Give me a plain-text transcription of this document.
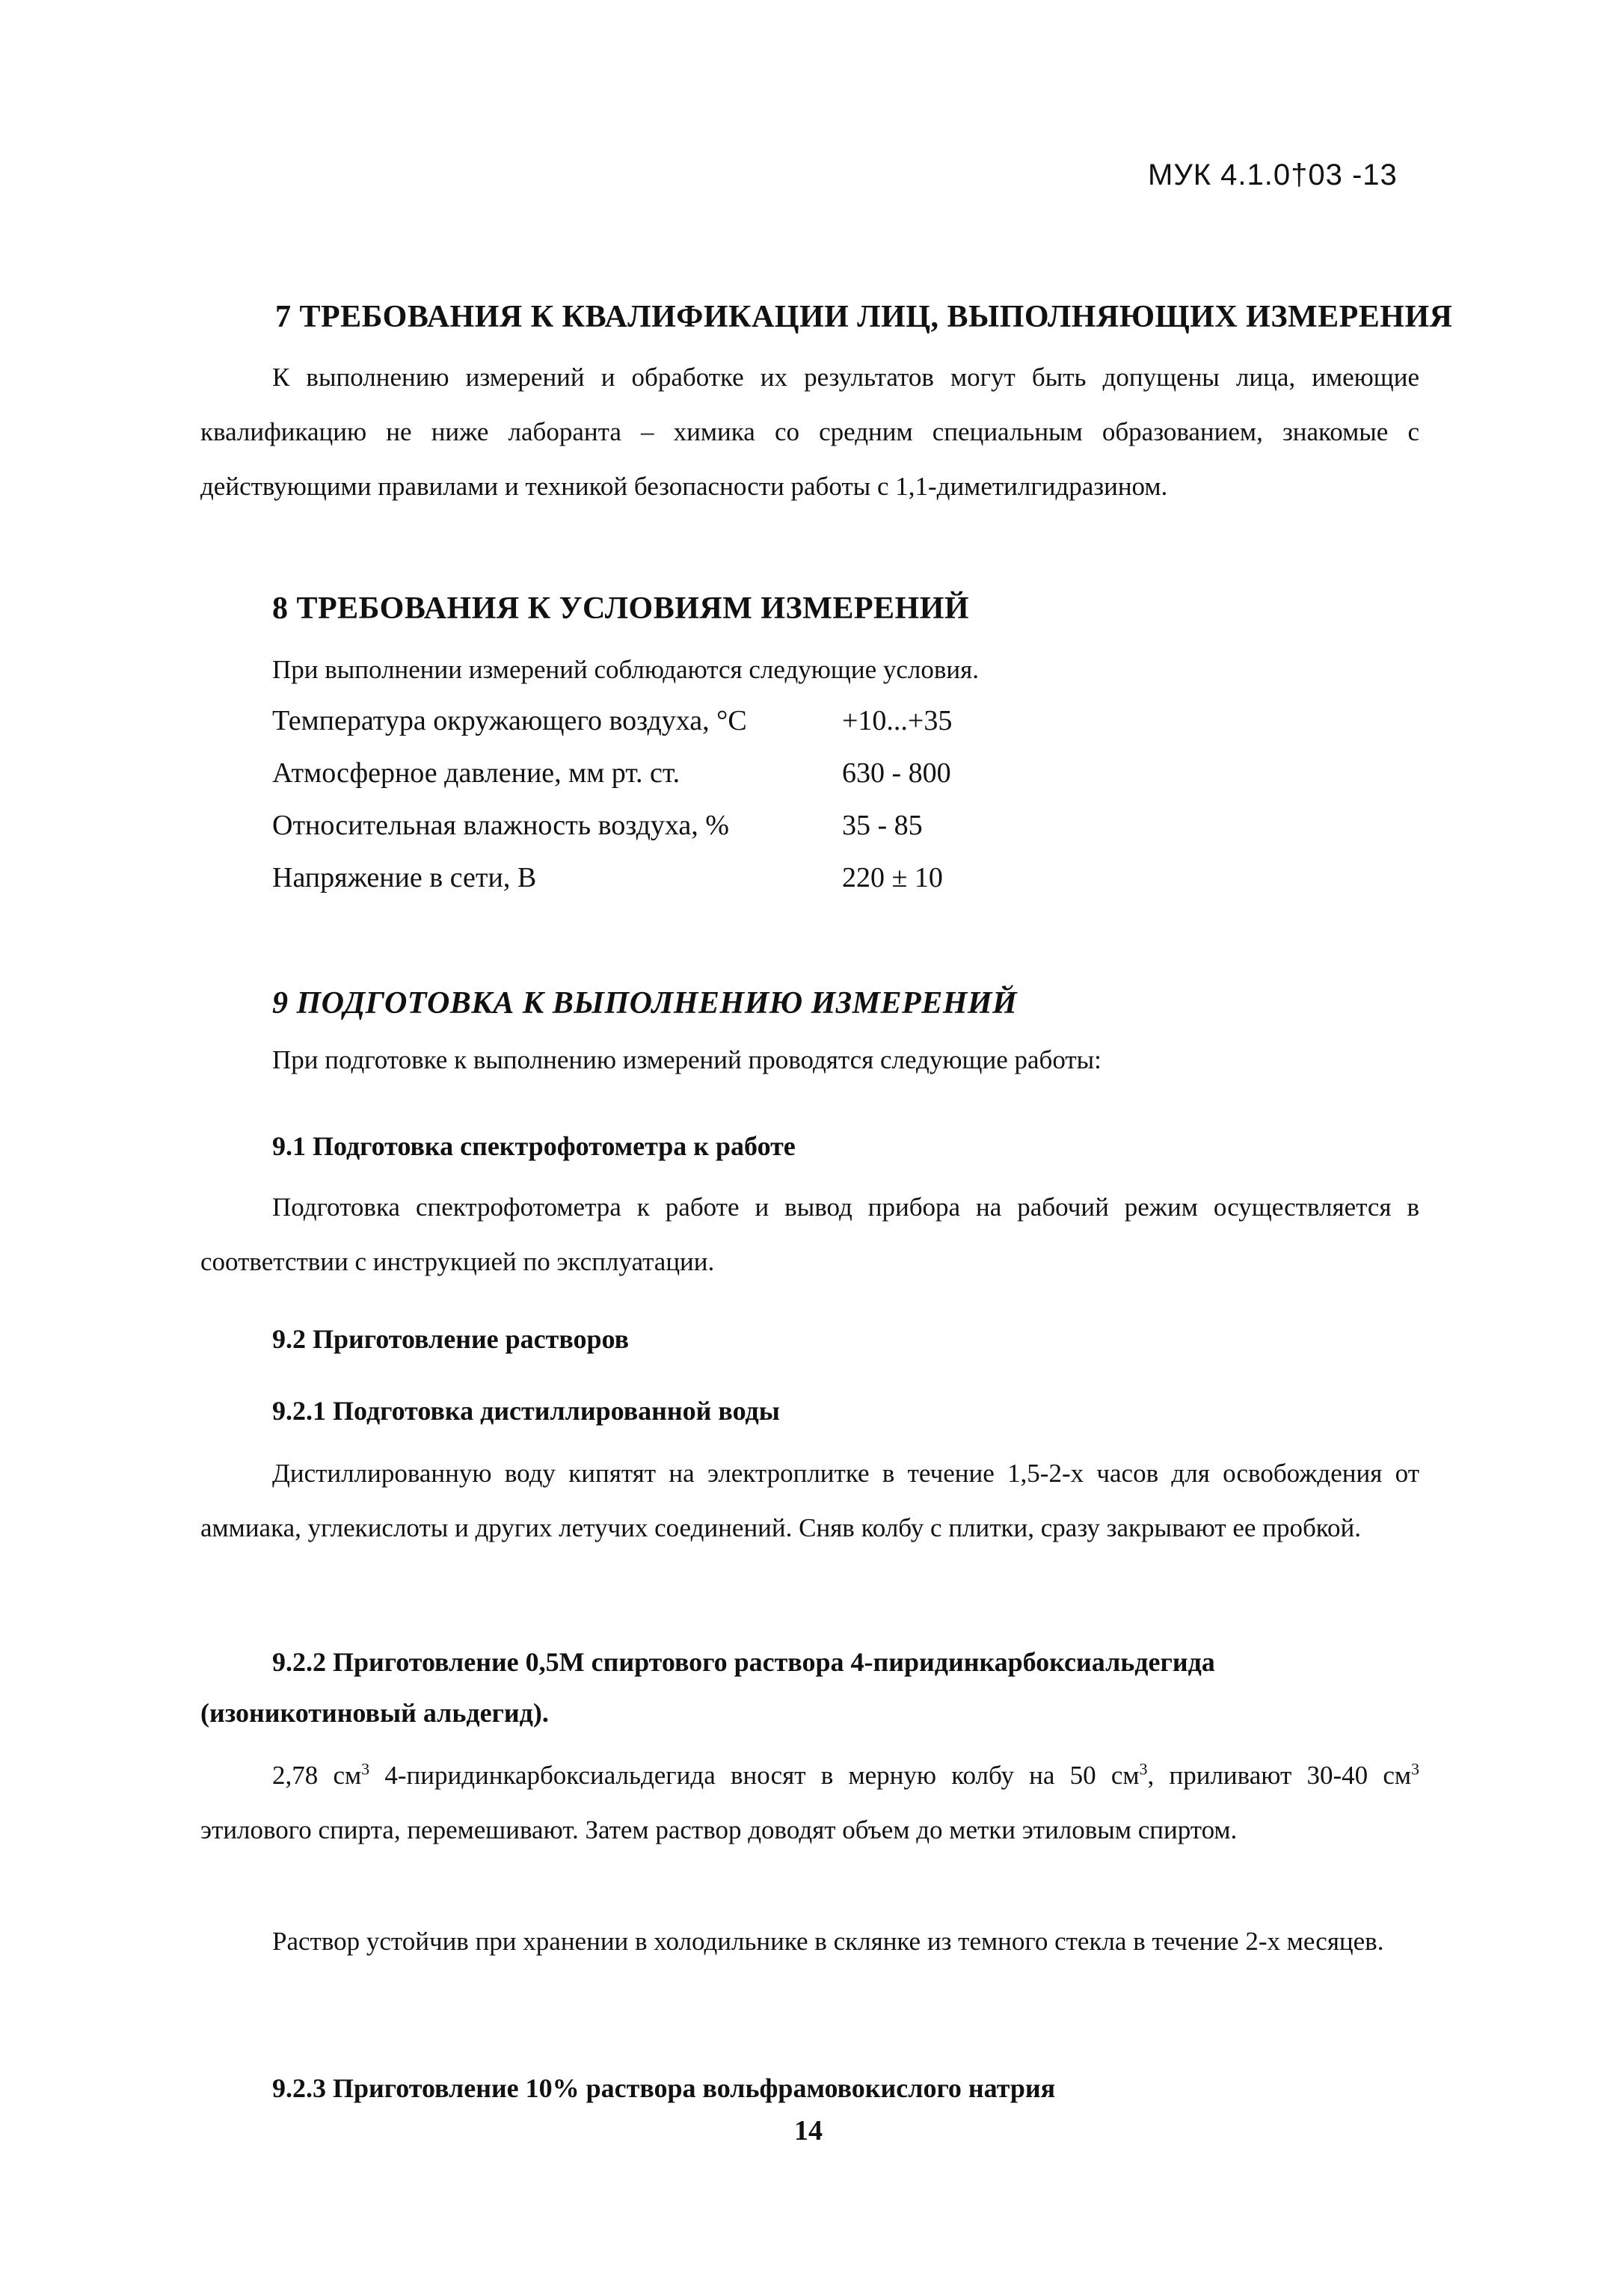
МУК 4.1.0†03 -13
7 ТРЕБОВАНИЯ К КВАЛИФИКАЦИИ ЛИЦ, ВЫПОЛНЯЮЩИХ ИЗМЕРЕНИЯ

К выполнению измерений и обработке их результатов могут быть допущены лица, имеющие квалификацию не ниже лаборанта – химика со средним специальным образованием, знакомые с действующими правилами и техникой безопасности работы с 1,1-диметилгидразином.

8 ТРЕБОВАНИЯ К УСЛОВИЯМ ИЗМЕРЕНИЙ
При выполнении измерений соблюдаются следующие условия.
Температура окружающего воздуха, °С	+10...+35
Атмосферное давление, мм рт. ст.	630 - 800
Относительная влажность воздуха, %	35 - 85
Напряжение в сети, В	220 ± 10
9 ПОДГОТОВКА К ВЫПОЛНЕНИЮ ИЗМЕРЕНИЙ
При подготовке к выполнению измерений проводятся следующие работы:
9.1 Подготовка спектрофотометра к работе

Подготовка спектрофотометра к работе и вывод прибора на рабочий режим осуществляется в соответствии с инструкцией по эксплуатации.

9.2 Приготовление растворов
9.2.1 Подготовка дистиллированной воды

Дистиллированную воду кипятят на электроплитке в течение 1,5-2-х часов для освобождения от аммиака, углекислоты и других летучих соединений. Сняв колбу с плитки, сразу закрывают ее пробкой.

9.2.2 Приготовление 0,5М спиртового раствора 4-пиридинкарбоксиальдегида
(изоникотиновый альдегид).

2,78 $см^3$ 4-пиридинкарбоксиальдегида вносят в мерную колбу на 50 $см^3$, приливают 30-40 $см^3$ этилового спирта, перемешивают. Затем раствор доводят объем до метки этиловым спиртом.

Раствор устойчив при хранении в холодильнике в склянке из темного стекла в течение 2-х месяцев.

9.2.3 Приготовление 10% раствора вольфрамовокислого натрия
14
